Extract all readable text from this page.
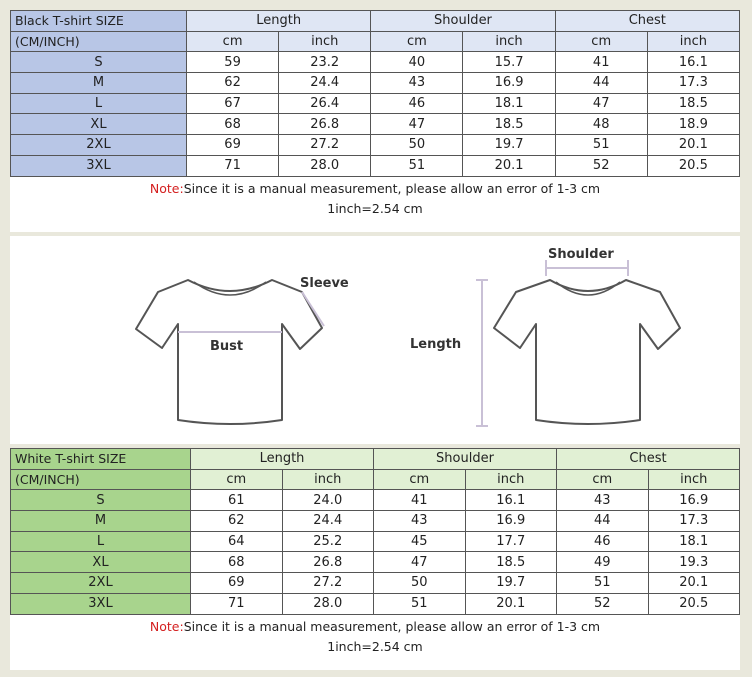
Black T-shirt SIZE	Length		Shoulder		Chest	
(CM/INCH)	cm	inch	cm	inch	cm	inch
S	59	23.2	40	15.7	41	16.1
M	62	24.4	43	16.9	44	17.3
L	67	26.4	46	18.1	47	18.5
XL	68	26.8	47	18.5	48	18.9
2XL	69	27.2	50	19.7	51	20.1
3XL	71	28.0	51	20.1	52	20.5
Note:Since it is a manual measurement, please allow an error of 1-3 cm
1inch=2.54 cm
Sleeve
Bust
Shoulder
Length
White T-shirt SIZE	Length		Shoulder		Chest	
(CM/INCH)	cm	inch	cm	inch	cm	inch
S	61	24.0	41	16.1	43	16.9
M	62	24.4	43	16.9	44	17.3
L	64	25.2	45	17.7	46	18.1
XL	68	26.8	47	18.5	49	19.3
2XL	69	27.2	50	19.7	51	20.1
3XL	71	28.0	51	20.1	52	20.5
Note:Since it is a manual measurement, please allow an error of 1-3 cm
1inch=2.54 cm
